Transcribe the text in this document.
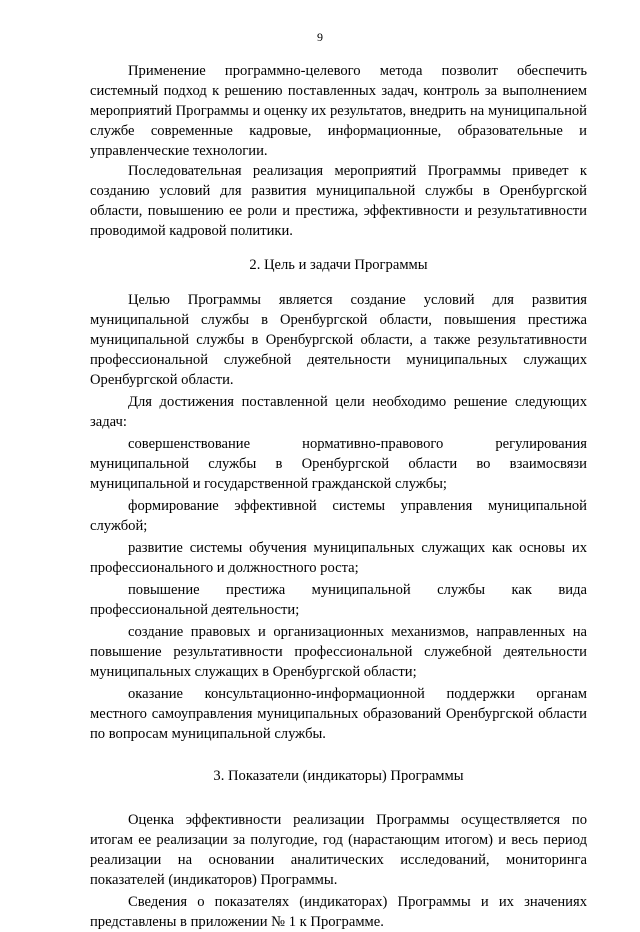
9

Применение программно-целевого метода позволит обеспечить системный подход к решению поставленных задач, контроль за выполнением мероприятий Программы и оценку их результатов, внедрить на муниципальной службе современные кадровые, информационные, образовательные и управленческие технологии.

Последовательная реализация мероприятий Программы приведет к созданию условий для развития муниципальной службы в Оренбургской области, повышению ее роли и престижа, эффективности и результативности проводимой кадровой политики.

2. Цель и задачи Программы

Целью Программы является создание условий для развития муниципальной службы в Оренбургской области, повышения престижа муниципальной службы в Оренбургской области, а также результативности профессиональной служебной деятельности муниципальных служащих Оренбургской области.

Для достижения поставленной цели необходимо решение следующих задач:

совершенствование нормативно-правового регулирования муниципальной службы в Оренбургской области во взаимосвязи муниципальной и государственной гражданской службы;

формирование эффективной системы управления муниципальной службой;

развитие системы обучения муниципальных служащих как основы их профессионального и должностного роста;

повышение престижа муниципальной службы как вида профессиональной деятельности;

создание правовых и организационных механизмов, направленных на повышение результативности профессиональной служебной деятельности муниципальных служащих в Оренбургской области;

оказание консультационно-информационной поддержки органам местного самоуправления муниципальных образований Оренбургской области по вопросам муниципальной службы.

3. Показатели (индикаторы) Программы

Оценка эффективности реализации Программы осуществляется по итогам ее реализации за полугодие, год (нарастающим итогом) и весь период реализации на основании аналитических исследований, мониторинга показателей (индикаторов) Программы.

Сведения о показателях (индикаторах) Программы и их значениях представлены в приложении № 1 к Программе.
